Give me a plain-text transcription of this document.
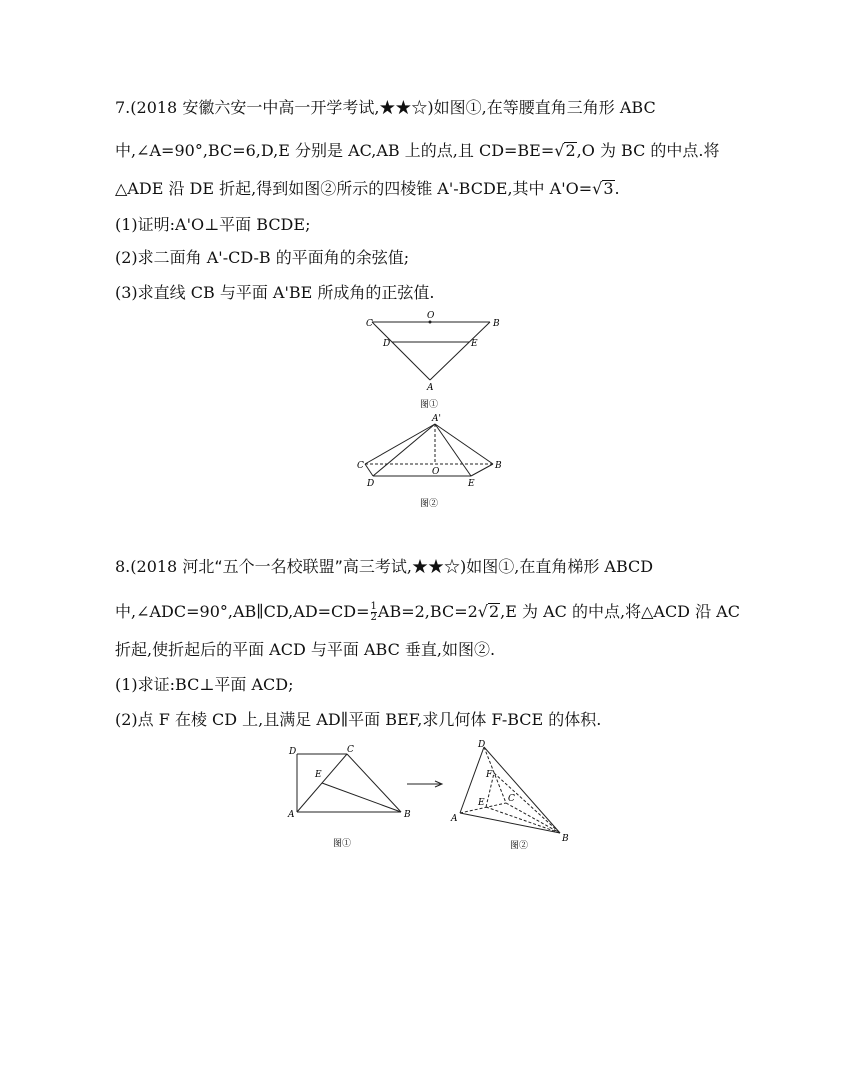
7.(2018 安徽六安一中高一开学考试,★★☆)如图①,在等腰直角三角形 ABC
中,∠A=90°,BC=6,D,E 分别是 AC,AB 上的点,且 CD=BE=√2,O 为 BC 的中点.将
△ADE 沿 DE 折起,得到如图②所示的四棱锥 A'-BCDE,其中 A'O=√3.
(1)证明:A'O⊥平面 BCDE;
(2)求二面角 A'-CD-B 的平面角的余弦值;
(3)求直线 CB 与平面 A'BE 所成角的正弦值.
C
O
B
D	E
A
图①
A'
C
D
O
E
B
图②
8.(2018 河北“五个一名校联盟”高三考试,★★☆)如图①,在直角梯形 ABCD
中,∠ADC=90°,AB∥CD,AD=CD= $\frac{1}{2} AB=2,BC=2√2,E$ 为 AC 的中点,将△ACD 沿 AC
折起,使折起后的平面 ACD 与平面 ABC 垂直,如图②.
(1)求证:BC⊥平面 ACD;
(2)点 F 在棱 CD 上,且满足 AD∥平面 BEF,求几何体 F-BCE 的体积.
D	C
E
A	B
图①
D
F
E	C
A
B
图②
